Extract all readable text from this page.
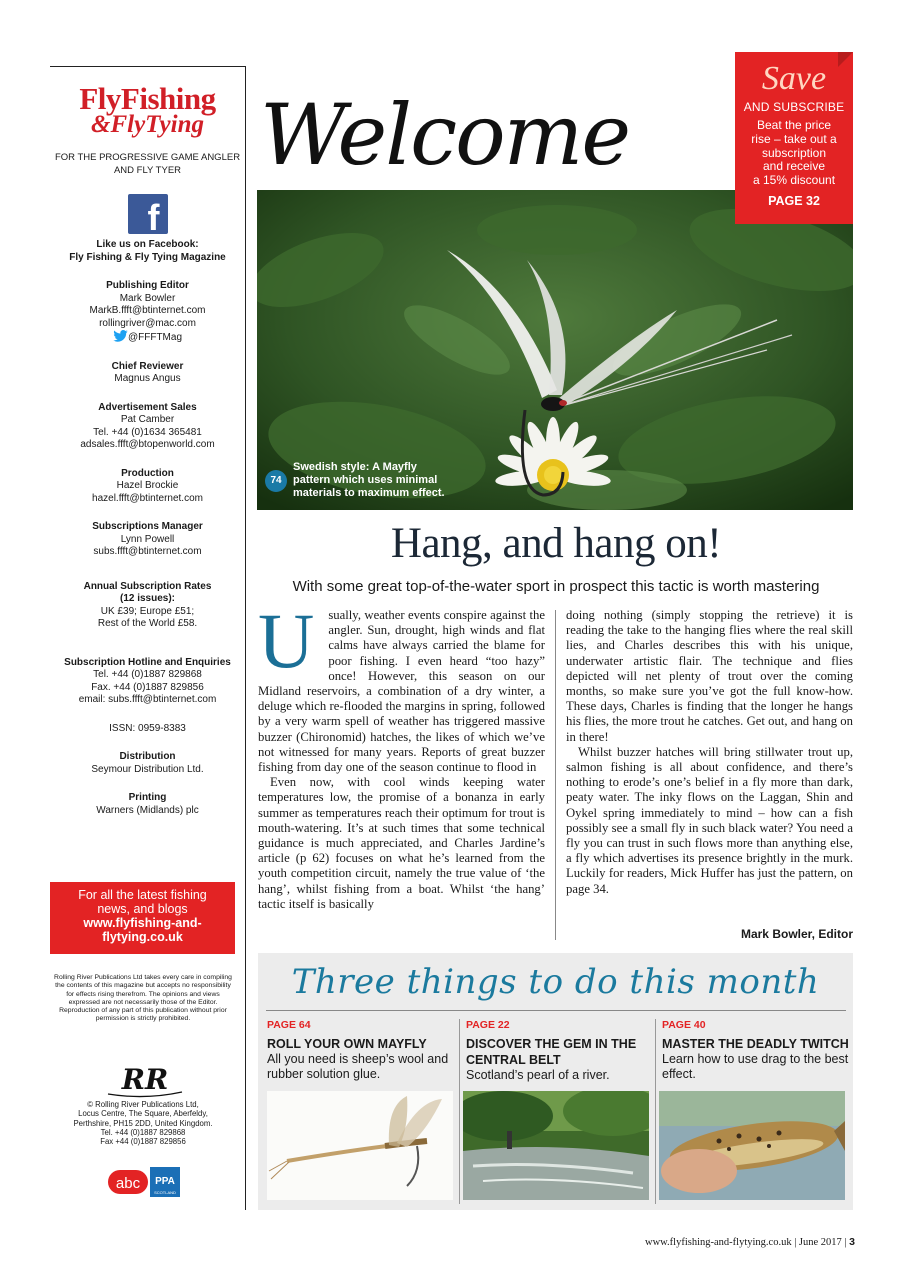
FlyFishing
&FlyTying
FOR THE PROGRESSIVE GAME ANGLER AND FLY TYER
f
Like us on Facebook:
Fly Fishing & Fly Tying Magazine
Publishing Editor
Mark Bowler
MarkB.ffft@btinternet.com
rollingriver@mac.com
@FFFTMag
Chief Reviewer
Magnus Angus
Advertisement Sales
Pat Camber
Tel. +44 (0)1634 365481
adsales.ffft@btopenworld.com
Production
Hazel Brockie
hazel.ffft@btinternet.com
Subscriptions Manager
Lynn Powell
subs.ffft@btinternet.com
Annual Subscription Rates
(12 issues):
UK £39; Europe £51;
Rest of the World £58.
Subscription Hotline and Enquiries
Tel. +44 (0)1887 829868
Fax. +44 (0)1887 829856
email: subs.ffft@btinternet.com
ISSN: 0959-8383
Distribution
Seymour Distribution Ltd.
Printing
Warners (Midlands) plc
For all the latest fishing
news, and blogs
www.flyfishing-and-
flytying.co.uk
Rolling River Publications Ltd takes every care in compiling the contents of this magazine but accepts no responsibility for effects rising therefrom. The opinions and views expressed are not necessarily those of the Editor. Reproduction of any part of this publication without prior permission is strictly prohibited.
RR
© Rolling River Publications Ltd,
Locus Centre, The Square, Aberfeldy,
Perthshire, PH15 2DD, United Kingdom.
Tel. +44 (0)1887 829868
Fax +44 (0)1887 829856
abc PPA
SCOTLAND
Welcome
74
Swedish style: A Mayfly
pattern which uses minimal
materials to maximum effect.
Save
AND SUBSCRIBE
Beat the price
rise – take out a
subscription
and receive
a 15% discount
PAGE 32
Hang, and hang on!
With some great top-of-the-water sport in prospect this tactic is worth mastering

U sually, weather events conspire against the angler. Sun, drought, high winds and flat calms have always carried the blame for poor fishing. I even heard “too hazy” once! However, this season on our Midland reservoirs, a combination of a dry winter, a deluge which re-flooded the margins in spring, followed by a very warm spell of weather has triggered massive buzzer (Chironomid) hatches, the likes of which we’ve not witnessed for many years. Reports of great buzzer fishing from day one of the season continue to flood in

Even now, with cool winds keeping water temperatures low, the promise of a bonanza in early summer as temperatures reach their optimum for trout is mouth-watering. It’s at such times that some technical guidance is much appreciated, and Charles Jardine’s article (p 62) focuses on what he’s learned from the youth competition circuit, namely the true value of ‘the hang’, whilst fishing from a boat. Whilst ‘the hang’ tactic itself is basically

doing nothing (simply stopping the retrieve) it is reading the take to the hanging flies where the real skill lies, and Charles describes this with his unique, underwater artistic flair. The technique and flies depicted will net plenty of trout over the coming months, so make sure you’ve got the full know-how. These days, Charles is finding that the longer he hangs his flies, the more trout he catches. Get out, and hang on in there!

Whilst buzzer hatches will bring stillwater trout up, salmon fishing is all about confidence, and there’s nothing to erode’s one’s belief in a fly more than dark, peaty water. The inky flows on the Laggan, Shin and Oykel spring immediately to mind – how can a fish possibly see a small fly in such black water? You need a fly you can trust in such flows more than anything else, a fly which advertises its presence brightly in the murk. Luckily for readers, Mick Huffer has just the pattern, on page 34.

Mark Bowler, Editor
Three things to do this month
PAGE 64
ROLL YOUR OWN MAYFLY
All you need is sheep’s wool and rubber solution glue.
PAGE 22
DISCOVER THE GEM IN THE CENTRAL BELT
Scotland’s pearl of a river.
PAGE 40
MASTER THE DEADLY TWITCH
Learn how to use drag to the best effect.
www.flyfishing-and-flytying.co.uk | June 2017 | 3
